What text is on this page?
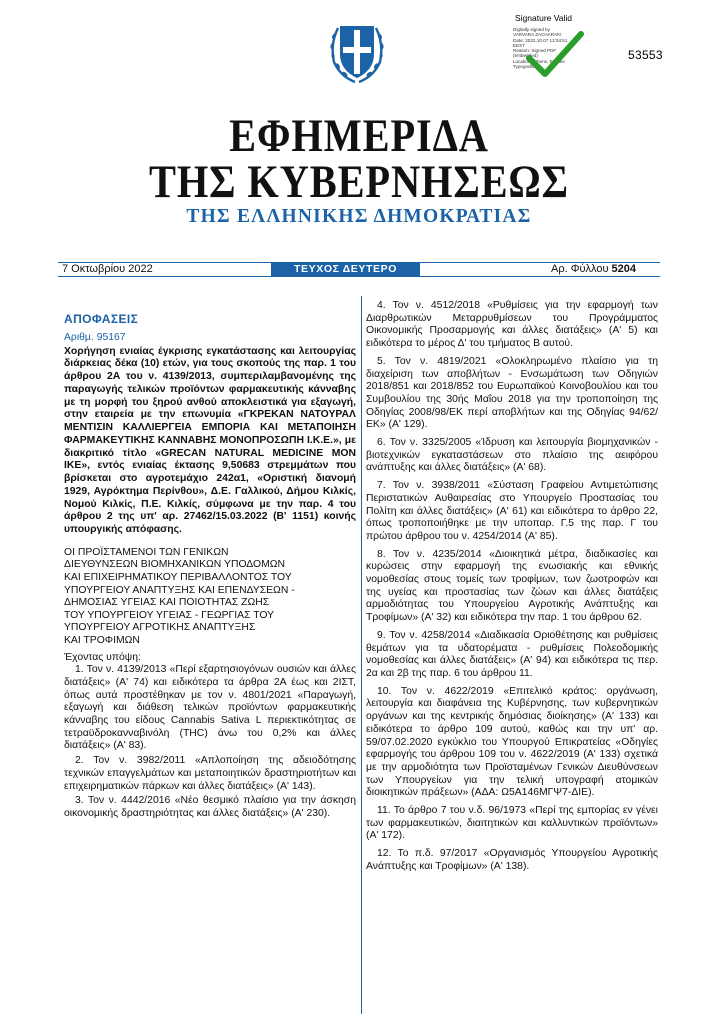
Signature Valid
Digitally signed by
VARVARA ZACHARAKI
Date: 2022.10.07 12:34:51
EEST
Reason: Signed PDF
(embedded)
Location: Athens, Ethniko
Typografio
53553
ΕΦΗΜΕΡΙΔΑ
ΤΗΣ ΚΥΒΕΡΝΗΣΕΩΣ
ΤΗΣ ΕΛΛΗΝΙΚΗΣ ΔΗΜΟΚΡΑΤΙΑΣ
7 Οκτωβρίου 2022	ΤΕΥΧΟΣ ΔΕΥΤΕΡΟ	Αρ. Φύλλου 5204
ΑΠΟΦΑΣΕΙΣ
Αριθμ. 95167
Χορήγηση ενιαίας έγκρισης εγκατάστασης και λειτουργίας διάρκειας δέκα (10) ετών, για τους σκοπούς της παρ. 1 του άρθρου 2Α του ν. 4139/2013, συμπεριλαμβανομένης της παραγωγής τελικών προϊόντων φαρμακευτικής κάνναβης με τη μορφή του ξηρού ανθού αποκλειστικά για εξαγωγή, στην εταιρεία με την επωνυμία «ΓΚΡΕΚΑΝ ΝΑΤΟΥΡΑΛ ΜΕΝΤΙΣΙΝ ΚΑΛΛΙΕΡΓΕΙΑ ΕΜΠΟΡΙΑ ΚΑΙ ΜΕΤΑΠΟΙΗΣΗ ΦΑΡΜΑΚΕΥΤΙΚΗΣ ΚΑΝΝΑΒΗΣ ΜΟΝΟΠΡΟΣΩΠΗ Ι.Κ.Ε.», με διακριτικό τίτλο «GRECAN NATURAL MEDICINE MON IKE», εντός ενιαίας έκτασης 9,50683 στρεμμάτων που βρίσκεται στο αγροτεμάχιο 242α1, «Οριστική διανομή 1929, Αγρόκτημα Περίνθου», Δ.Ε. Γαλλικού, Δήμου Κιλκίς, Νομού Κιλκίς, Π.Ε. Κιλκίς, σύμφωνα με την παρ. 4 του άρθρου 2 της υπ' αρ. 27462/15.03.2022 (Β' 1151) κοινής υπουργικής απόφασης.
ΟΙ ΠΡΟΪΣΤΑΜΕΝΟΙ ΤΩΝ ΓΕΝΙΚΩΝ
ΔΙΕΥΘΥΝΣΕΩΝ ΒΙΟΜΗΧΑΝΙΚΩΝ ΥΠΟΔΟΜΩΝ
ΚΑΙ ΕΠΙΧΕΙΡΗΜΑΤΙΚΟΥ ΠΕΡΙΒΑΛΛΟΝΤΟΣ ΤΟΥ
ΥΠΟΥΡΓΕΙΟΥ ΑΝΑΠΤΥΞΗΣ ΚΑΙ ΕΠΕΝΔΥΣΕΩΝ -
ΔΗΜΟΣΙΑΣ ΥΓΕΙΑΣ ΚΑΙ ΠΟΙΟΤΗΤΑΣ ΖΩΗΣ
ΤΟΥ ΥΠΟΥΡΓΕΙΟΥ ΥΓΕΙΑΣ - ΓΕΩΡΓΙΑΣ ΤΟΥ
ΥΠΟΥΡΓΕΙΟΥ ΑΓΡΟΤΙΚΗΣ ΑΝΑΠΤΥΞΗΣ
ΚΑΙ ΤΡΟΦΙΜΩΝ
Έχοντας υπόψη:
1. Τον ν. 4139/2013 «Περί εξαρτησιογόνων ουσιών και άλλες διατάξεις» (Α' 74) και ειδικότερα τα άρθρα 2Α έως και 2ΙΣΤ, όπως αυτά προστέθηκαν με τον ν. 4801/2021 «Παραγωγή, εξαγωγή και διάθεση τελικών προϊόντων φαρμακευτικής κάνναβης του είδους Cannabis Sativa L περιεκτικότητας σε τετραϋδροκανναβινόλη (THC) άνω του 0,2% και άλλες διατάξεις» (Α' 83).
2. Τον ν. 3982/2011 «Απλοποίηση της αδειοδότησης τεχνικών επαγγελμάτων και μεταποιητικών δραστηριοτήτων και επιχειρηματικών πάρκων και άλλες διατάξεις» (Α' 143).
3. Τον ν. 4442/2016 «Νέο θεσμικό πλαίσιο για την άσκηση οικονομικής δραστηριότητας και άλλες διατάξεις» (Α' 230).
4. Τον ν. 4512/2018 «Ρυθμίσεις για την εφαρμογή των Διαρθρωτικών Μεταρρυθμίσεων του Προγράμματος Οικονομικής Προσαρμογής και άλλες διατάξεις» (Α' 5) και ειδικότερα το μέρος Δ' του τμήματος Β αυτού.
5. Τον ν. 4819/2021 «Ολοκληρωμένο πλαίσιο για τη διαχείριση των αποβλήτων - Ενσωμάτωση των Οδηγιών 2018/851 και 2018/852 του Ευρωπαϊκού Κοινοβουλίου και του Συμβουλίου της 30ής Μαΐου 2018 για την τροποποίηση της Οδηγίας 2008/98/ΕΚ περί αποβλήτων και της Οδηγίας 94/62/ΕΚ» (Α' 129).
6. Τον ν. 3325/2005 «Ίδρυση και λειτουργία βιομηχανικών - βιοτεχνικών εγκαταστάσεων στο πλαίσιο της αειφόρου ανάπτυξης και άλλες διατάξεις» (Α' 68).
7. Τον ν. 3938/2011 «Σύσταση Γραφείου Αντιμετώπισης Περιστατικών Αυθαιρεσίας στο Υπουργείο Προστασίας του Πολίτη και άλλες διατάξεις» (Α' 61) και ειδικότερα το άρθρο 22, όπως τροποποιήθηκε με την υποπαρ. Γ.5 της παρ. Γ του πρώτου άρθρου του ν. 4254/2014 (Α' 85).
8. Τον ν. 4235/2014 «Διοικητικά μέτρα, διαδικασίες και κυρώσεις στην εφαρμογή της ενωσιακής και εθνικής νομοθεσίας στους τομείς των τροφίμων, των ζωοτροφών και της υγείας και προστασίας των ζώων και άλλες διατάξεις αρμοδιότητας του Υπουργείου Αγροτικής Ανάπτυξης και Τροφίμων» (Α' 32) και ειδικότερα την παρ. 1 του άρθρου 62.
9. Τον ν. 4258/2014 «Διαδικασία Οριοθέτησης και ρυθμίσεις θεμάτων για τα υδατορέματα - ρυθμίσεις Πολεοδομικής νομοθεσίας και άλλες διατάξεις» (Α' 94) και ειδικότερα τις περ. 2α και 2β της παρ. 6 του άρθρου 11.
10. Τον ν. 4622/2019 «Επιτελικό κράτος: οργάνωση, λειτουργία και διαφάνεια της Κυβέρνησης, των κυβερνητικών οργάνων και της κεντρικής δημόσιας διοίκησης» (Α' 133) και ειδικότερα το άρθρο 109 αυτού, καθώς και την υπ' αρ. 59/07.02.2020 εγκύκλιο του Υπουργού Επικρατείας «Οδηγίες εφαρμογής του άρθρου 109 του ν. 4622/2019 (Α' 133) σχετικά με την αρμοδιότητα των Προϊσταμένων Γενικών Διευθύνσεων των Υπουργείων για την τελική υπογραφή ατομικών διοικητικών πράξεων» (ΑΔΑ: Ω5Α146ΜΓΨ7-ΔΙΕ).
11. Το άρθρο 7 του ν.δ. 96/1973 «Περί της εμπορίας εν γένει των φαρμακευτικών, διαιτητικών και καλλυντικών προϊόντων» (Α' 172).
12. Το π.δ. 97/2017 «Οργανισμός Υπουργείου Αγροτικής Ανάπτυξης και Τροφίμων» (Α' 138).
